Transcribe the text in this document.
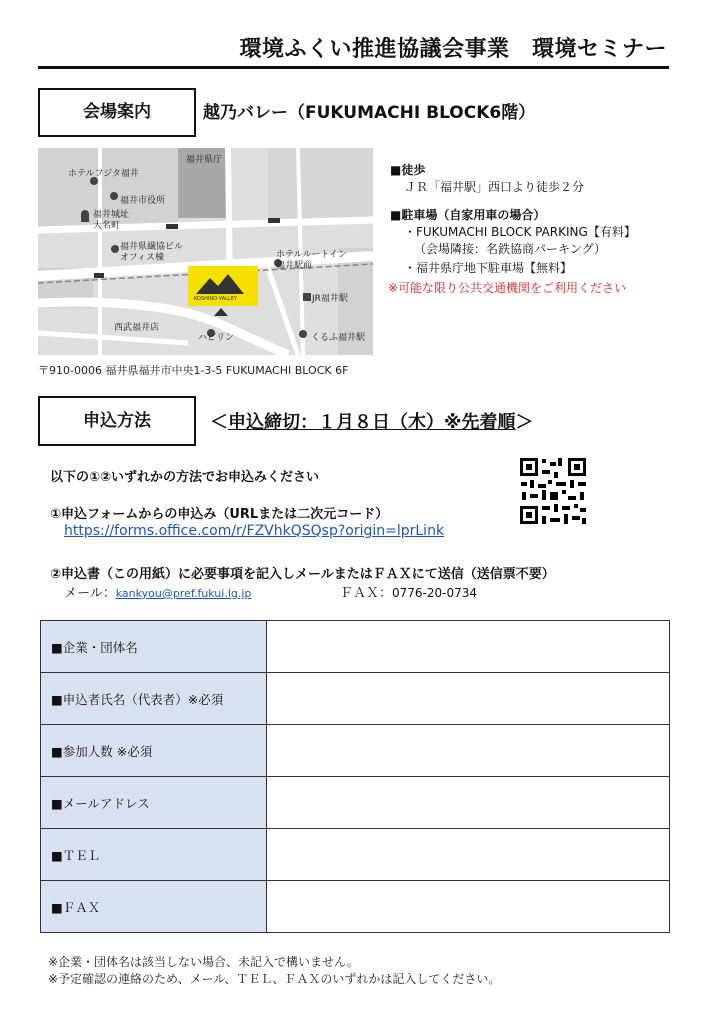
環境ふくい推進協議会事業　環境セミナー
会場案内	越乃バレー（FUKUMACHI BLOCK6階）
福井県庁
ホテルフジタ福井
福井市役所
福井城址
大名町
福井県繊協ビル
オフィス棟	ホテルルートイン
福井駅前
JR福井駅
西武福井店
ハピリン	くるふ福井駅
KOSHINO VALLEY
〒910-0006 福井県福井市中央1-3-5 FUKUMACHI BLOCK 6F
■徒歩
ＪＲ「福井駅」西口より徒歩２分
■駐車場（自家用車の場合）
・FUKUMACHI BLOCK PARKING【有料】
（会場隣接：名鉄協商パーキング）
・福井県庁地下駐車場【無料】
※可能な限り公共交通機関をご利用ください
申込方法	＜申込締切：１月８日（木）※先着順＞
以下の①②いずれかの方法でお申込みください
①申込フォームからの申込み（URLまたは二次元コード）
https://forms.office.com/r/FZVhkQSQsp?origin=lprLink
②申込書（この用紙）に必要事項を記入しメールまたはＦＡＸにて送信（送信票不要）
メール：kankyou@pref.fukui.lg.jp	ＦＡＸ：0776-20-0734
■企業・団体名	
■申込者氏名（代表者）※必須	
■参加人数 ※必須	
■メールアドレス	
■ＴＥＬ	
■ＦＡＸ	
※企業・団体名は該当しない場合、未記入で構いません。
※予定確認の連絡のため、メール、ＴＥＬ、ＦＡＸのいずれかは記入してください。
